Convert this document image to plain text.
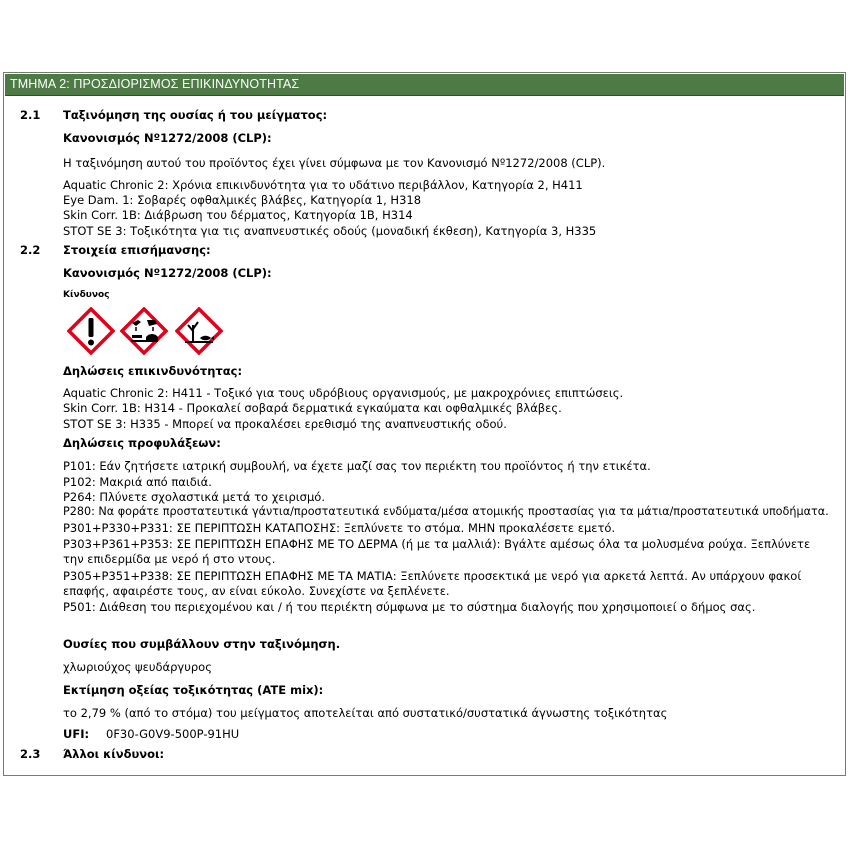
ΤΜΗΜΑ 2: ΠΡΟΣΔΙΟΡΙΣΜΟΣ ΕΠΙΚΙΝΔΥΝΟΤΗΤΑΣ
2.1 Ταξινόμηση της ουσίας ή του μείγματος:
Κανονισμός Νº1272/2008 (CLP):
Η ταξινόμηση αυτού του προϊόντος έχει γίνει σύμφωνα με τον Κανονισμό Νº1272/2008 (CLP).
Aquatic Chronic 2: Χρόνια επικινδυνότητα για το υδάτινο περιβάλλον, Κατηγορία 2, H411
Eye Dam. 1: Σοβαρές οφθαλμικές βλάβες, Κατηγορία 1, H318
Skin Corr. 1B: Διάβρωση του δέρματος, Κατηγορία 1B, H314
STOT SE 3: Τοξικότητα για τις αναπνευστικές οδούς (μοναδική έκθεση), Κατηγορία 3, H335
2.2 Στοιχεία επισήμανσης:
Κανονισμός Νº1272/2008 (CLP):
Κίνδυνος
Δηλώσεις επικινδυνότητας:
Aquatic Chronic 2: H411 - Τοξικό για τους υδρόβιους οργανισμούς, με μακροχρόνιες επιπτώσεις.
Skin Corr. 1B: H314 - Προκαλεί σοβαρά δερματικά εγκαύματα και οφθαλμικές βλάβες.
STOT SE 3: H335 - Μπορεί να προκαλέσει ερεθισμό της αναπνευστικής οδού.
Δηλώσεις προφυλάξεων:
P101: Εάν ζητήσετε ιατρική συμβουλή, να έχετε μαζί σας τον περιέκτη του προϊόντος ή την ετικέτα.
P102: Μακριά από παιδιά.
P264: Πλύνετε σχολαστικά μετά το χειρισμό.
P280: Να φοράτε προστατευτικά γάντια/προστατευτικά ενδύματα/μέσα ατομικής προστασίας για τα μάτια/προστατευτικά υποδήματα.
P301+P330+P331: ΣΕ ΠΕΡΙΠΤΩΣΗ ΚΑΤΑΠΟΣΗΣ: Ξεπλύνετε το στόμα. ΜΗΝ προκαλέσετε εμετό.
P303+P361+P353: ΣΕ ΠΕΡΙΠΤΩΣΗ ΕΠΑΦΗΣ ΜΕ ΤΟ ΔΕΡΜΑ (ή με τα μαλλιά): Βγάλτε αμέσως όλα τα μολυσμένα ρούχα. Ξεπλύνετε
την επιδερμίδα με νερό ή στο ντους.
P305+P351+P338: ΣΕ ΠΕΡΙΠΤΩΣΗ ΕΠΑΦΗΣ ΜΕ ΤΑ ΜΑΤΙΑ: Ξεπλύνετε προσεκτικά με νερό για αρκετά λεπτά. Αν υπάρχουν φακοί
επαφής, αφαιρέστε τους, αν είναι εύκολο. Συνεχίστε να ξεπλένετε.
P501: Διάθεση του περιεχομένου και / ή του περιέκτη σύμφωνα με το σύστημα διαλογής που χρησιμοποιεί ο δήμος σας.
Ουσίες που συμβάλλουν στην ταξινόμηση.
χλωριούχος ψευδάργυρος
Εκτίμηση οξείας τοξικότητας (ATE mix):
το 2,79 % (από το στόμα) του μείγματος αποτελείται από συστατικό/συστατικά άγνωστης τοξικότητας
UFI: 0F30-G0V9-500P-91HU
2.3 Άλλοι κίνδυνοι:
